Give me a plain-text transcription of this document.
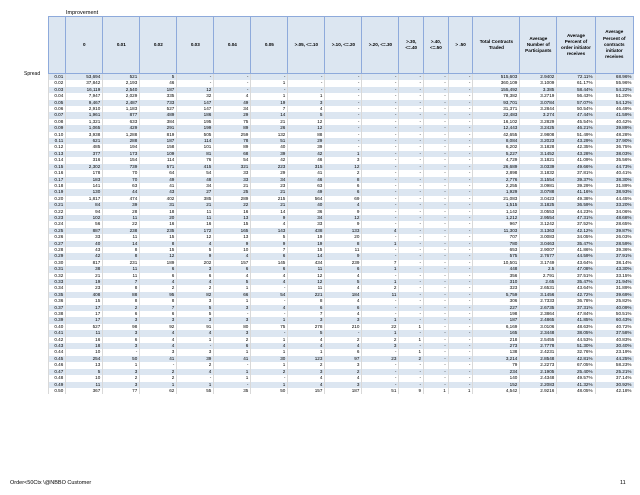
Improvement
Spread
	0	0.01	0.02	0.03	0.04	0.05	>.05, <=.10	>.10, <=.20	>.20, <=.30	>.30, <=.40	>.40, <=.50	> .50	Total Contracts Traded	Average Number of Participants	Average Percent of order initiator receives	Average Percent of contracts initiator receives
0.01	53,694	521	5	-	-	-	-	-	-	-	-	-	515,603	2.9402	72.11%	68.96%
0.02	37,842	2,193	46	-	-	1	-	-	-	-	-	-	360,109	3.1009	61.17%	55.96%
0.03	16,119	2,540	187	12	-	-	-	-	-	-	-	-	155,492	3.385	58.44%	54.22%
0.04	7,947	2,029	335	32	4	1	1	-	-	-	-	-	78,382	3.2719	56.43%	51.20%
0.05	9,467	2,487	733	147	49	19	3	-	-	-	-	-	93,701	3.0784	57.07%	54.12%
0.06	2,910	1,183	527	147	34	7	4	-	-	-	-	-	31,371	3.2844	50.54%	46.49%
0.07	1,961	877	489	186	29	14	5	-	-	-	-	-	22,483	3.274	47.44%	41.59%
0.08	1,321	633	384	195	75	21	12	-	-	-	-	-	16,102	3.2829	45.54%	40.42%
0.09	1,065	429	291	199	89	26	12	-	-	-	-	-	12,443	3.2425	46.21%	39.89%
0.10	3,938	1,288	819	505	259	132	88	-	-	-	-	-	42,655	2.9808	51.49%	48.28%
0.11	621	288	187	114	78	51	29	-	-	-	-	-	8,084	3.2023	43.29%	37.90%
0.12	485	194	158	101	89	40	39	-	-	-	-	-	6,202	3.1828	42.35%	36.75%
0.13	377	173	109	81	68	39	42	1	-	-	-	-	5,227	3.1452	43.28%	38.03%
0.14	316	154	114	76	54	42	46	3	-	-	-	-	4,729	3.1821	41.09%	35.56%
0.15	2,302	739	571	415	321	223	315	12	-	-	-	-	26,689	3.0339	49.66%	44.73%
0.16	178	70	64	54	33	29	41	2	-	-	-	-	2,898	3.1832	37.81%	40.41%
0.17	183	70	49	48	33	34	46	8	-	-	-	-	2,776	3.1554	39.37%	38.30%
0.18	141	63	41	34	21	23	63	6	-	-	-	-	2,255	3.0981	39.29%	31.89%
0.19	130	44	43	27	25	21	49	6	-	-	-	-	1,929	3.0788	41.16%	38.93%
0.20	1,817	474	402	385	289	215	564	69	-	-	-	-	21,083	3.0423	49.38%	44.45%
0.21	84	39	31	21	22	21	40	4	-	-	-	-	1,515	3.1825	36.59%	33.20%
0.22	94	28	18	11	16	14	36	9	-	-	-	-	1,142	3.0553	44.23%	34.06%
0.23	102	11	20	11	13	9	34	12	-	-	-	-	1,212	2.9554	47.31%	48.68%
0.24	56	22	16	16	15	4	33	9	-	-	-	-	967	3.1242	37.52%	28.65%
0.25	887	238	235	172	165	143	438	133	4	-	-	-	11,303	3.1363	42.12%	39.87%
0.26	33	11	15	12	13	5	19	20	-	-	-	-	707	3.0083	34.05%	26.03%
0.27	40	14	8	4	9	9	19	8	1	-	-	-	780	3.0463	35.47%	28.59%
0.28	43	8	15	5	10	7	15	11	-	-	-	-	653	2.9007	41.86%	39.36%
0.29	42	8	12	9	4	6	14	9	-	-	-	-	575	2.7677	44.59%	37.91%
0.30	817	231	189	202	157	145	434	239	7	-	-	-	10,501	3.1749	43.64%	38.14%
0.31	38	11	6	3	6	6	11	6	1	-	-	-	448	2.5	47.08%	43.30%
0.32	21	11	6	6	4	4	12	4	-	-	-	-	356	2.791	37.51%	33.15%
0.33	19	7	4	4	5	4	12	5	1	-	-	-	310	2.65	35.47%	21.94%
0.34	23	8	2	2	1	-	11	4	2	-	-	-	323	2.6531	43.64%	31.89%
0.35	408	88	95	82	66	54	221	184	11	-	-	-	5,759	3.1456	42.72%	39.69%
0.36	15	8	8	3	1	-	8	4	-	-	-	-	306	2.7333	36.78%	25.82%
0.37	17	2	7	5	3	4	6	6	-	-	-	-	227	2.6735	37.31%	40.09%
0.38	17	6	6	5	-	-	7	4	-	-	-	-	198	2.3864	47.84%	50.51%
0.39	17	3	3	3	3	1	3	3	1	-	-	-	187	2.4865	41.85%	60.43%
0.40	527	98	92	91	80	75	278	210	22	1	-	-	6,169	3.0106	48.63%	40.72%
0.41	11	3	4	4	3	-	5	-	1	-	-	-	165	2.3448	38.05%	37.58%
0.42	16	6	4	1	2	1	4	2	2	1	-	-	218	2.5455	44.53%	40.83%
0.43	18	3	4	-	6	4	4	4	3	-	-	-	273	2.7778	51.30%	30.40%
0.44	10	-	3	3	1	1	1	6	-	1	-	-	138	2.4231	32.76%	23.19%
0.45	254	50	41	39	41	30	123	97	23	2	-	-	3,214	2.8548	42.81%	44.25%
0.46	13	1	-	2	-	1	2	3	-	-	-	-	79	2.2273	67.05%	58.23%
0.47	5	3	2	4	1	2	3	2	-	-	-	-	234	2.1905	25.40%	25.21%
0.48	10	2	2	-	1	-	4	4	-	-	-	-	140	2.4348	49.57%	37.14%
0.49	11	3	1	1	-	1	4	3	-	-	-	-	152	2.2083	41.32%	30.92%
0.50	367	77	62	55	35	50	157	187	51	9	1	1	4,542	2.9216	48.05%	42.18%
Order<50Ctx \@NBBO Customer	11
